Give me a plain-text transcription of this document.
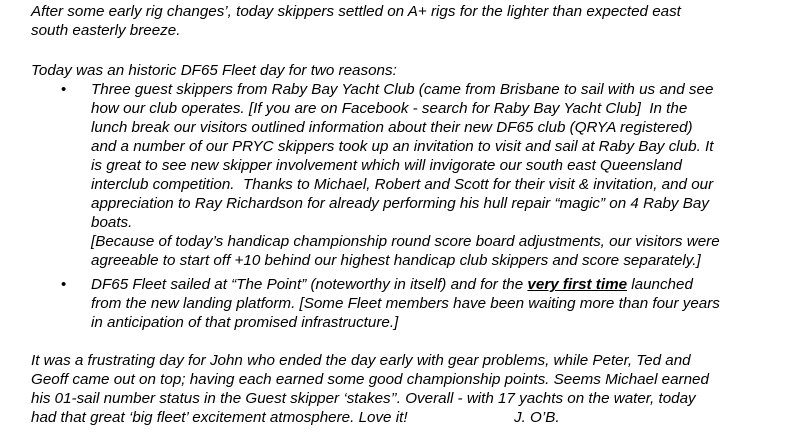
After some early rig changes’, today skippers settled on A+ rigs for the lighter than expected east
south easterly breeze.
Today was an historic DF65 Fleet day for two reasons:
•	Three guest skippers from Raby Bay Yacht Club (came from Brisbane to sail with us and see
how our club operates. [If you are on Facebook - search for Raby Bay Yacht Club]  In the
lunch break our visitors outlined information about their new DF65 club (QRYA registered)
and a number of our PRYC skippers took up an invitation to visit and sail at Raby Bay club. It
is great to see new skipper involvement which will invigorate our south east Queensland
interclub competition.  Thanks to Michael, Robert and Scott for their visit & invitation, and our
appreciation to Ray Richardson for already performing his hull repair “magic” on 4 Raby Bay
boats.
[Because of today’s handicap championship round score board adjustments, our visitors were
agreeable to start off +10 behind our highest handicap club skippers and score separately.]
•	DF65 Fleet sailed at “The Point” (noteworthy in itself) and for the very first time launched
from the new landing platform. [Some Fleet members have been waiting more than four years
in anticipation of that promised infrastructure.]
It was a frustrating day for John who ended the day early with gear problems, while Peter, Ted and
Geoff came out on top; having each earned some good championship points. Seems Michael earned
his 01-sail number status in the Guest skipper ‘stakes’’. Overall - with 17 yachts on the water, today
had that great ‘big fleet’ excitement atmosphere. Love it!	J. O’B.
